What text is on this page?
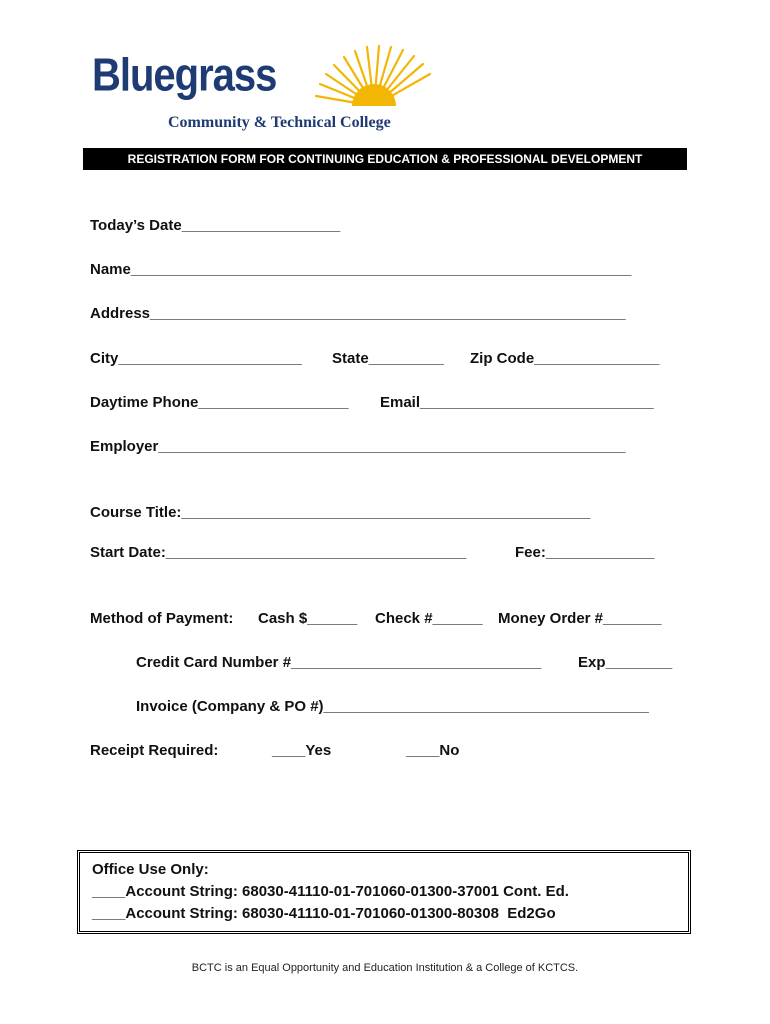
Bluegrass
Community & Technical College
REGISTRATION FORM FOR CONTINUING EDUCATION & PROFESSIONAL DEVELOPMENT
Today’s Date___________________
Name____________________________________________________________
Address_________________________________________________________
City______________________ State_________ Zip Code_______________
Daytime Phone__________________ Email____________________________
Employer________________________________________________________
Course Title:_________________________________________________
Start Date:____________________________________	Fee:_____________
Method of Payment: Cash $______ Check #______ Money Order #_______
Credit Card Number #______________________________ Exp________
Invoice (Company & PO #)_______________________________________
Receipt Required:	____Yes	____No
Office Use Only:
____Account String: 68030-41110-01-701060-01300-37001 Cont. Ed.
____Account String: 68030-41110-01-701060-01300-80308  Ed2Go
BCTC is an Equal Opportunity and Education Institution & a College of KCTCS.
